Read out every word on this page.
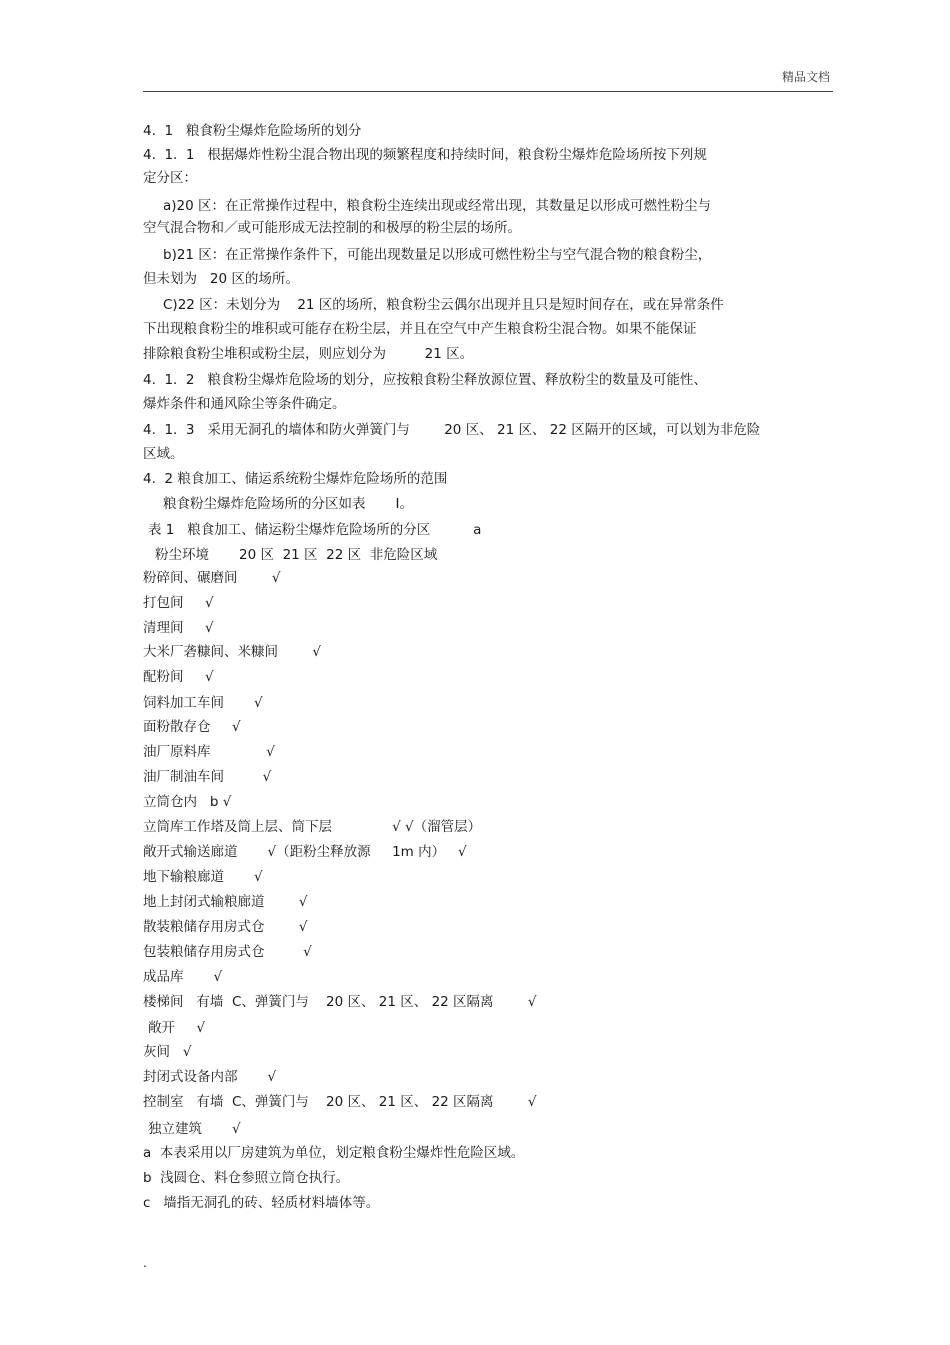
精品文档
4.  1   粮食粉尘爆炸危险场所的划分
4.  1.  1   根据爆炸性粉尘混合物出现的频繁程度和持续时间，粮食粉尘爆炸危险场所按下列规
定分区：
a)20 区：在正常操作过程中，粮食粉尘连续出现或经常出现，其数量足以形成可燃性粉尘与
空气混合物和／或可能形成无法控制的和极厚的粉尘层的场所。
b)21 区：在正常操作条件下，可能出现数量足以形成可燃性粉尘与空气混合物的粮食粉尘，
但未划为   20 区的场所。
C)22 区：未划分为    21 区的场所，粮食粉尘云偶尔出现并且只是短时间存在，或在异常条件
下出现粮食粉尘的堆积或可能存在粉尘层，并且在空气中产生粮食粉尘混合物。如果不能保证
排除粮食粉尘堆积或粉尘层，则应划分为         21 区。
4.  1.  2   粮食粉尘爆炸危险场的划分，应按粮食粉尘释放源位置、释放粉尘的数量及可能性、
爆炸条件和通风除尘等条件确定。
4.  1.  3   采用无洞孔的墙体和防火弹簧门与        20 区、 21 区、 22 区隔开的区域，可以划为非危险
区域。
4.  2 粮食加工、储运系统粉尘爆炸危险场所的范围
粮食粉尘爆炸危险场所的分区如表       I。
表 1   粮食加工、储运粉尘爆炸危险场所的分区          a
粉尘环境       20 区  21 区  22 区  非危险区域
粉碎间、碾磨间        √
打包间     √
清理间     √
大米厂砻糠间、米糠间        √
配粉间     √
饲料加工车间       √
面粉散存仓     √
油厂原料库             √
油厂制油车间         √
立筒仓内   b √
立筒库工作塔及筒上层、筒下层              √ √（溜管层）
敞开式输送廊道       √（距粉尘释放源     1m 内）   √
地下输粮廊道       √
地上封闭式输粮廊道        √
散装粮储存用房式仓        √
包装粮储存用房式仓         √
成品库       √
楼梯间   有墙  C、弹簧门与    20 区、 21 区、 22 区隔离        √
敞开     √
灰间   √
封闭式设备内部       √
控制室   有墙  C、弹簧门与    20 区、 21 区、 22 区隔离        √
独立建筑       √
a  本表采用以厂房建筑为单位，划定粮食粉尘爆炸性危险区域。
b  浅圆仓、料仓参照立筒仓执行。
c   墙指无洞孔的砖、轻质材料墙体等。
.
